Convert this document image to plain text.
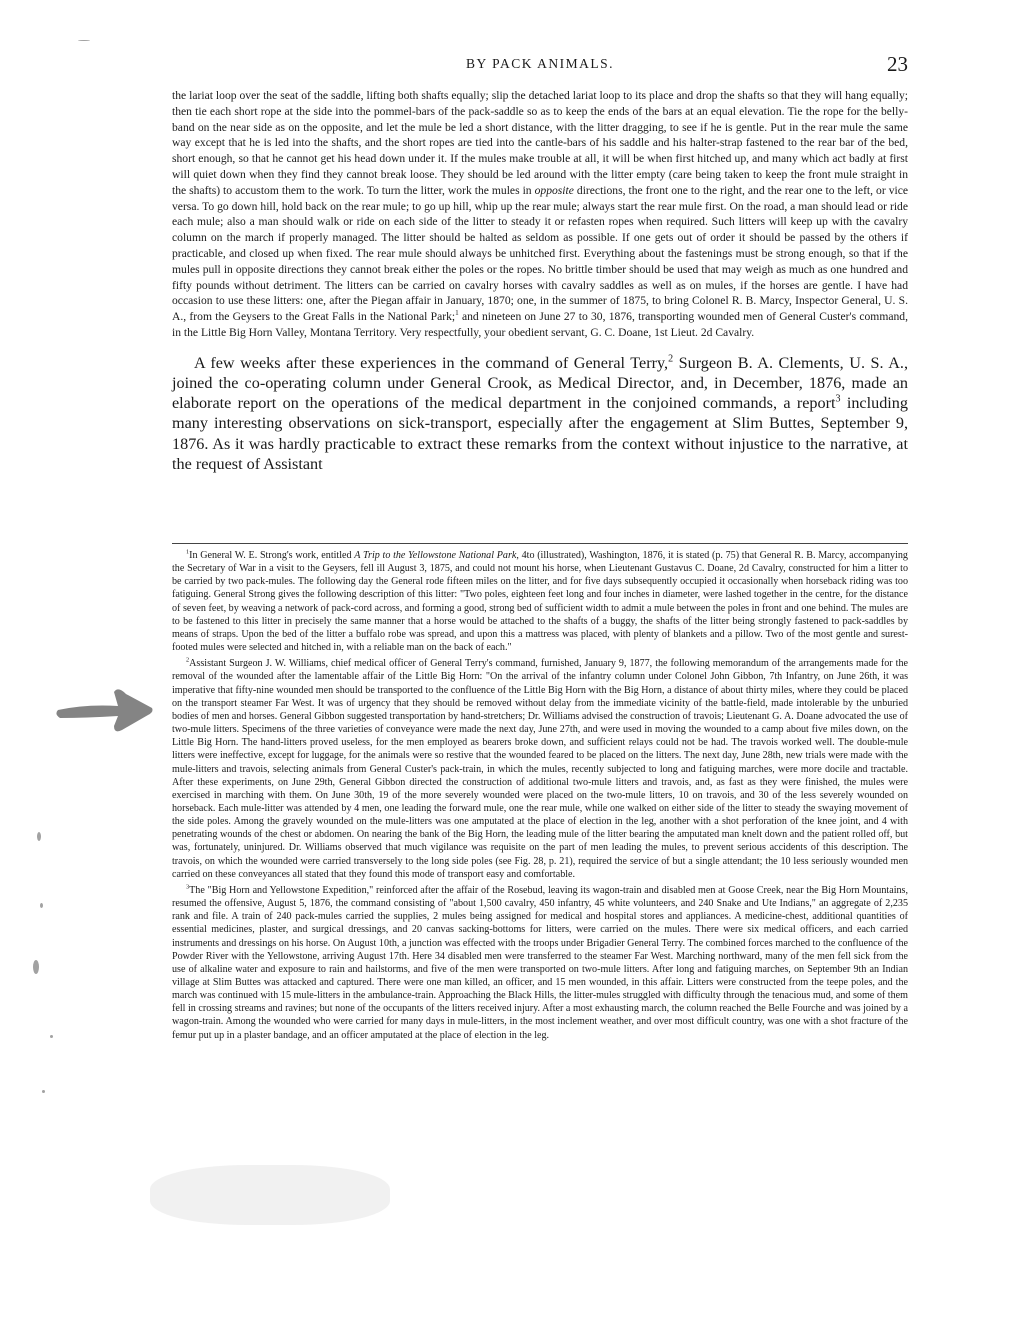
BY PACK ANIMALS.	23

the lariat loop over the seat of the saddle, lifting both shafts equally; slip the detached lariat loop to its place and drop the shafts so that they will hang equally; then tie each short rope at the side into the pommel-bars of the pack-saddle so as to keep the ends of the bars at an equal elevation. Tie the rope for the belly-band on the near side as on the opposite, and let the mule be led a short distance, with the litter dragging, to see if he is gentle. Put in the rear mule the same way except that he is led into the shafts, and the short ropes are tied into the cantle-bars of his saddle and his halter-strap fastened to the rear bar of the bed, short enough, so that he cannot get his head down under it. If the mules make trouble at all, it will be when first hitched up, and many which act badly at first will quiet down when they find they cannot break loose. They should be led around with the litter empty (care being taken to keep the front mule straight in the shafts) to accustom them to the work. To turn the litter, work the mules in opposite directions, the front one to the right, and the rear one to the left, or vice versa. To go down hill, hold back on the rear mule; to go up hill, whip up the rear mule; always start the rear mule first. On the road, a man should lead or ride each mule; also a man should walk or ride on each side of the litter to steady it or refasten ropes when required. Such litters will keep up with the cavalry column on the march if properly managed. The litter should be halted as seldom as possible. If one gets out of order it should be passed by the others if practicable, and closed up when fixed. The rear mule should always be unhitched first. Everything about the fastenings must be strong enough, so that if the mules pull in opposite directions they cannot break either the poles or the ropes. No brittle timber should be used that may weigh as much as one hundred and fifty pounds without detriment. The litters can be carried on cavalry horses with cavalry saddles as well as on mules, if the horses are gentle. I have had occasion to use these litters: one, after the Piegan affair in January, 1870; one, in the summer of 1875, to bring Colonel R. B. Marcy, Inspector General, U. S. A., from the Geysers to the Great Falls in the National Park;$^1$ and nineteen on June 27 to 30, 1876, transporting wounded men of General Custer's command, in the Little Big Horn Valley, Montana Territory. Very respectfully, your obedient servant, G. C. Doane, 1st Lieut. 2d Cavalry.

A few weeks after these experiences in the command of General Terry,$^2$ Surgeon B. A. Clements, U. S. A., joined the co-operating column under General Crook, as Medical Director, and, in December, 1876, made an elaborate report on the operations of the medical department in the conjoined commands, a report$^3$ including many interesting observations on sick-transport, especially after the engagement at Slim Buttes, September 9, 1876. As it was hardly practicable to extract these remarks from the context without injustice to the narrative, at the request of Assistant

$^1$In General W. E. Strong's work, entitled A Trip to the Yellowstone National Park, 4to (illustrated), Washington, 1876, it is stated (p. 75) that General R. B. Marcy, accompanying the Secretary of War in a visit to the Geysers, fell ill August 3, 1875, and could not mount his horse, when Lieutenant Gustavus C. Doane, 2d Cavalry, constructed for him a litter to be carried by two pack-mules. The following day the General rode fifteen miles on the litter, and for five days subsequently occupied it occasionally when horseback riding was too fatiguing. General Strong gives the following description of this litter: "Two poles, eighteen feet long and four inches in diameter, were lashed together in the centre, for the distance of seven feet, by weaving a network of pack-cord across, and forming a good, strong bed of sufficient width to admit a mule between the poles in front and one behind. The mules are to be fastened to this litter in precisely the same manner that a horse would be attached to the shafts of a buggy, the shafts of the litter being strongly fastened to pack-saddles by means of straps. Upon the bed of the litter a buffalo robe was spread, and upon this a mattress was placed, with plenty of blankets and a pillow. Two of the most gentle and surest-footed mules were selected and hitched in, with a reliable man on the back of each."

$^2$Assistant Surgeon J. W. Williams, chief medical officer of General Terry's command, furnished, January 9, 1877, the following memorandum of the arrangements made for the removal of the wounded after the lamentable affair of the Little Big Horn: "On the arrival of the infantry column under Colonel John Gibbon, 7th Infantry, on June 26th, it was imperative that fifty-nine wounded men should be transported to the confluence of the Little Big Horn with the Big Horn, a distance of about thirty miles, where they could be placed on the transport steamer Far West. It was of urgency that they should be removed without delay from the immediate vicinity of the battle-field, made intolerable by the unburied bodies of men and horses. General Gibbon suggested transportation by hand-stretchers; Dr. Williams advised the construction of travois; Lieutenant G. A. Doane advocated the use of two-mule litters. Specimens of the three varieties of conveyance were made the next day, June 27th, and were used in moving the wounded to a camp about five miles down, on the Little Big Horn. The hand-litters proved useless, for the men employed as bearers broke down, and sufficient relays could not be had. The travois worked well. The double-mule litters were ineffective, except for luggage, for the animals were so restive that the wounded feared to be placed on the litters. The next day, June 28th, new trials were made with the mule-litters and travois, selecting animals from General Custer's pack-train, in which the mules, recently subjected to long and fatiguing marches, were more docile and tractable. After these experiments, on June 29th, General Gibbon directed the construction of additional two-mule litters and travois, and, as fast as they were finished, the mules were exercised in marching with them. On June 30th, 19 of the more severely wounded were placed on the two-mule litters, 10 on travois, and 30 of the less severely wounded on horseback. Each mule-litter was attended by 4 men, one leading the forward mule, one the rear mule, while one walked on either side of the litter to steady the swaying movement of the side poles. Among the gravely wounded on the mule-litters was one amputated at the place of election in the leg, another with a shot perforation of the knee joint, and 4 with penetrating wounds of the chest or abdomen. On nearing the bank of the Big Horn, the leading mule of the litter bearing the amputated man knelt down and the patient rolled off, but was, fortunately, uninjured. Dr. Williams observed that much vigilance was requisite on the part of men leading the mules, to prevent serious accidents of this description. The travois, on which the wounded were carried transversely to the long side poles (see Fig. 28, p. 21), required the service of but a single attendant; the 10 less seriously wounded men carried on these conveyances all stated that they found this mode of transport easy and comfortable.

$^3$The "Big Horn and Yellowstone Expedition," reinforced after the affair of the Rosebud, leaving its wagon-train and disabled men at Goose Creek, near the Big Horn Mountains, resumed the offensive, August 5, 1876, the command consisting of "about 1,500 cavalry, 450 infantry, 45 white volunteers, and 240 Snake and Ute Indians," an aggregate of 2,235 rank and file. A train of 240 pack-mules carried the supplies, 2 mules being assigned for medical and hospital stores and appliances. A medicine-chest, additional quantities of essential medicines, plaster, and surgical dressings, and 20 canvas sacking-bottoms for litters, were carried on the mules. There were six medical officers, and each carried instruments and dressings on his horse. On August 10th, a junction was effected with the troops under Brigadier General Terry. The combined forces marched to the confluence of the Powder River with the Yellowstone, arriving August 17th. Here 34 disabled men were transferred to the steamer Far West. Marching northward, many of the men fell sick from the use of alkaline water and exposure to rain and hailstorms, and five of the men were transported on two-mule litters. After long and fatiguing marches, on September 9th an Indian village at Slim Buttes was attacked and captured. There were one man killed, an officer, and 15 men wounded, in this affair. Litters were constructed from the teepe poles, and the march was continued with 15 mule-litters in the ambulance-train. Approaching the Black Hills, the litter-mules struggled with difficulty through the tenacious mud, and some of them fell in crossing streams and ravines; but none of the occupants of the litters received injury. After a most exhausting march, the column reached the Belle Fourche and was joined by a wagon-train. Among the wounded who were carried for many days in mule-litters, in the most inclement weather, and over most difficult country, was one with a shot fracture of the femur put up in a plaster bandage, and an officer amputated at the place of election in the leg.
